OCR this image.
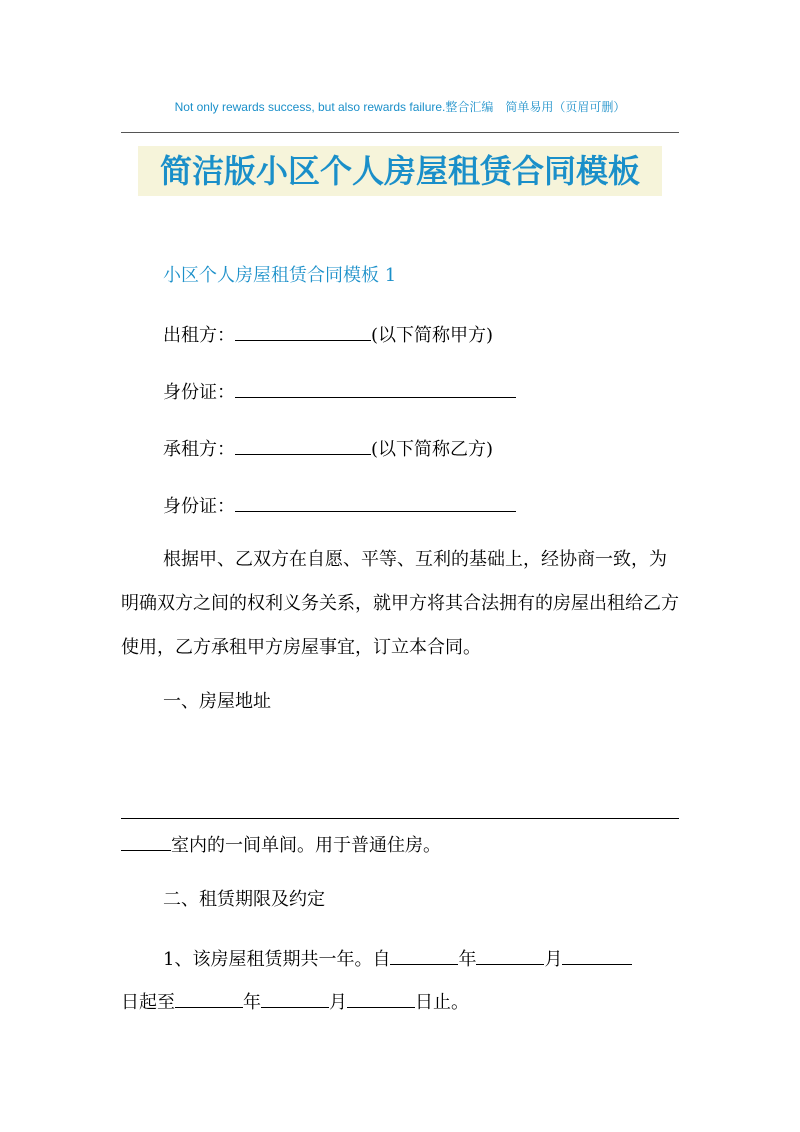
Not only rewards success, but also rewards failure.整合汇编　简单易用（页眉可删）
简洁版小区个人房屋租赁合同模板
小区个人房屋租赁合同模板 1
出租方：	(以下简称甲方)
身份证：
承租方：	(以下简称乙方)
身份证：
根据甲、乙双方在自愿、平等、互利的基础上，经协商一致，为明确双方之间的权利义务关系，就甲方将其合法拥有的房屋出租给乙方使用，乙方承租甲方房屋事宜，订立本合同。
一、房屋地址
室内的一间单间。用于普通住房。
二、租赁期限及约定
1、该房屋租赁期共一年。自	年	月
日起至	年	月	日止。
